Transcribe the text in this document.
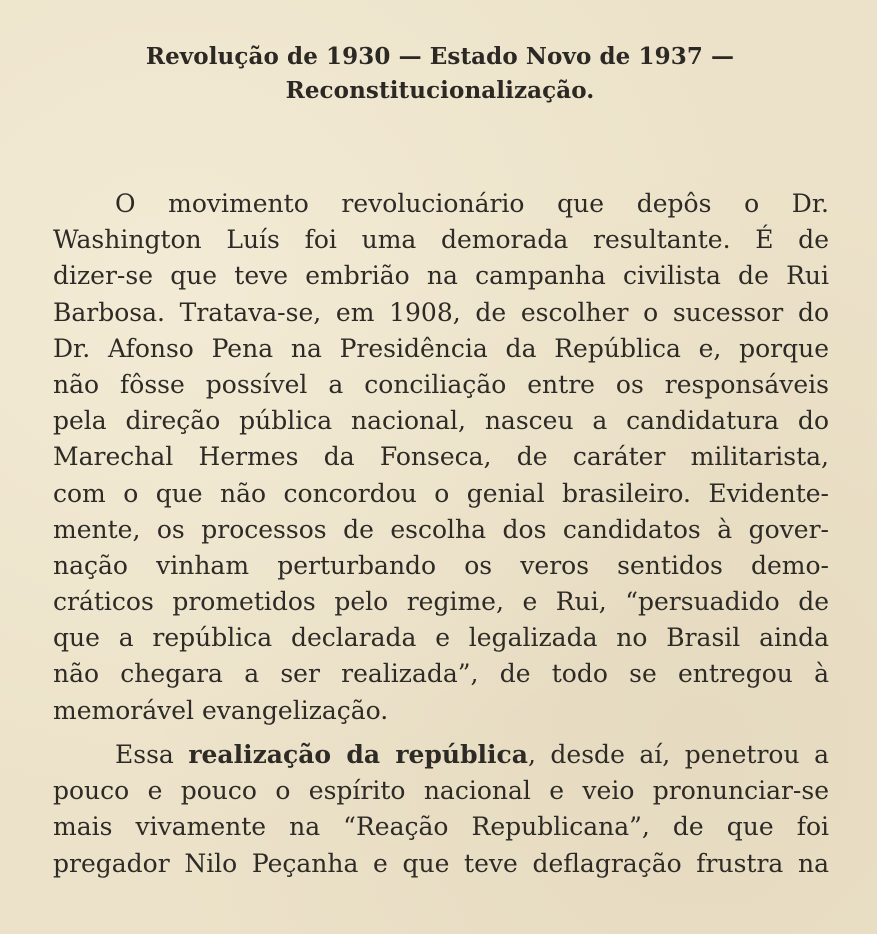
Revolução de 1930 — Estado Novo de 1937 —
Reconstitucionalização.
O movimento revolucionário que depôs o Dr.
Washington Luís foi uma demorada resultante. É de
dizer-se que teve embrião na campanha civilista de Rui
Barbosa. Tratava-se, em 1908, de escolher o sucessor do
Dr. Afonso Pena na Presidência da República e, porque
não fôsse possível a conciliação entre os responsáveis
pela direção pública nacional, nasceu a candidatura do
Marechal Hermes da Fonseca, de caráter militarista,
com o que não concordou o genial brasileiro. Evidente-
mente, os processos de escolha dos candidatos à gover-
nação vinham perturbando os veros sentidos demo-
cráticos prometidos pelo regime, e Rui, “persuadido de
que a república declarada e legalizada no Brasil ainda
não chegara a ser realizada”, de todo se entregou à
memorável evangelização.
Essa realização da república, desde aí, penetrou a
pouco e pouco o espírito nacional e veio pronunciar-se
mais vivamente na “Reação Republicana”, de que foi
pregador Nilo Peçanha e que teve deflagração frustra na
